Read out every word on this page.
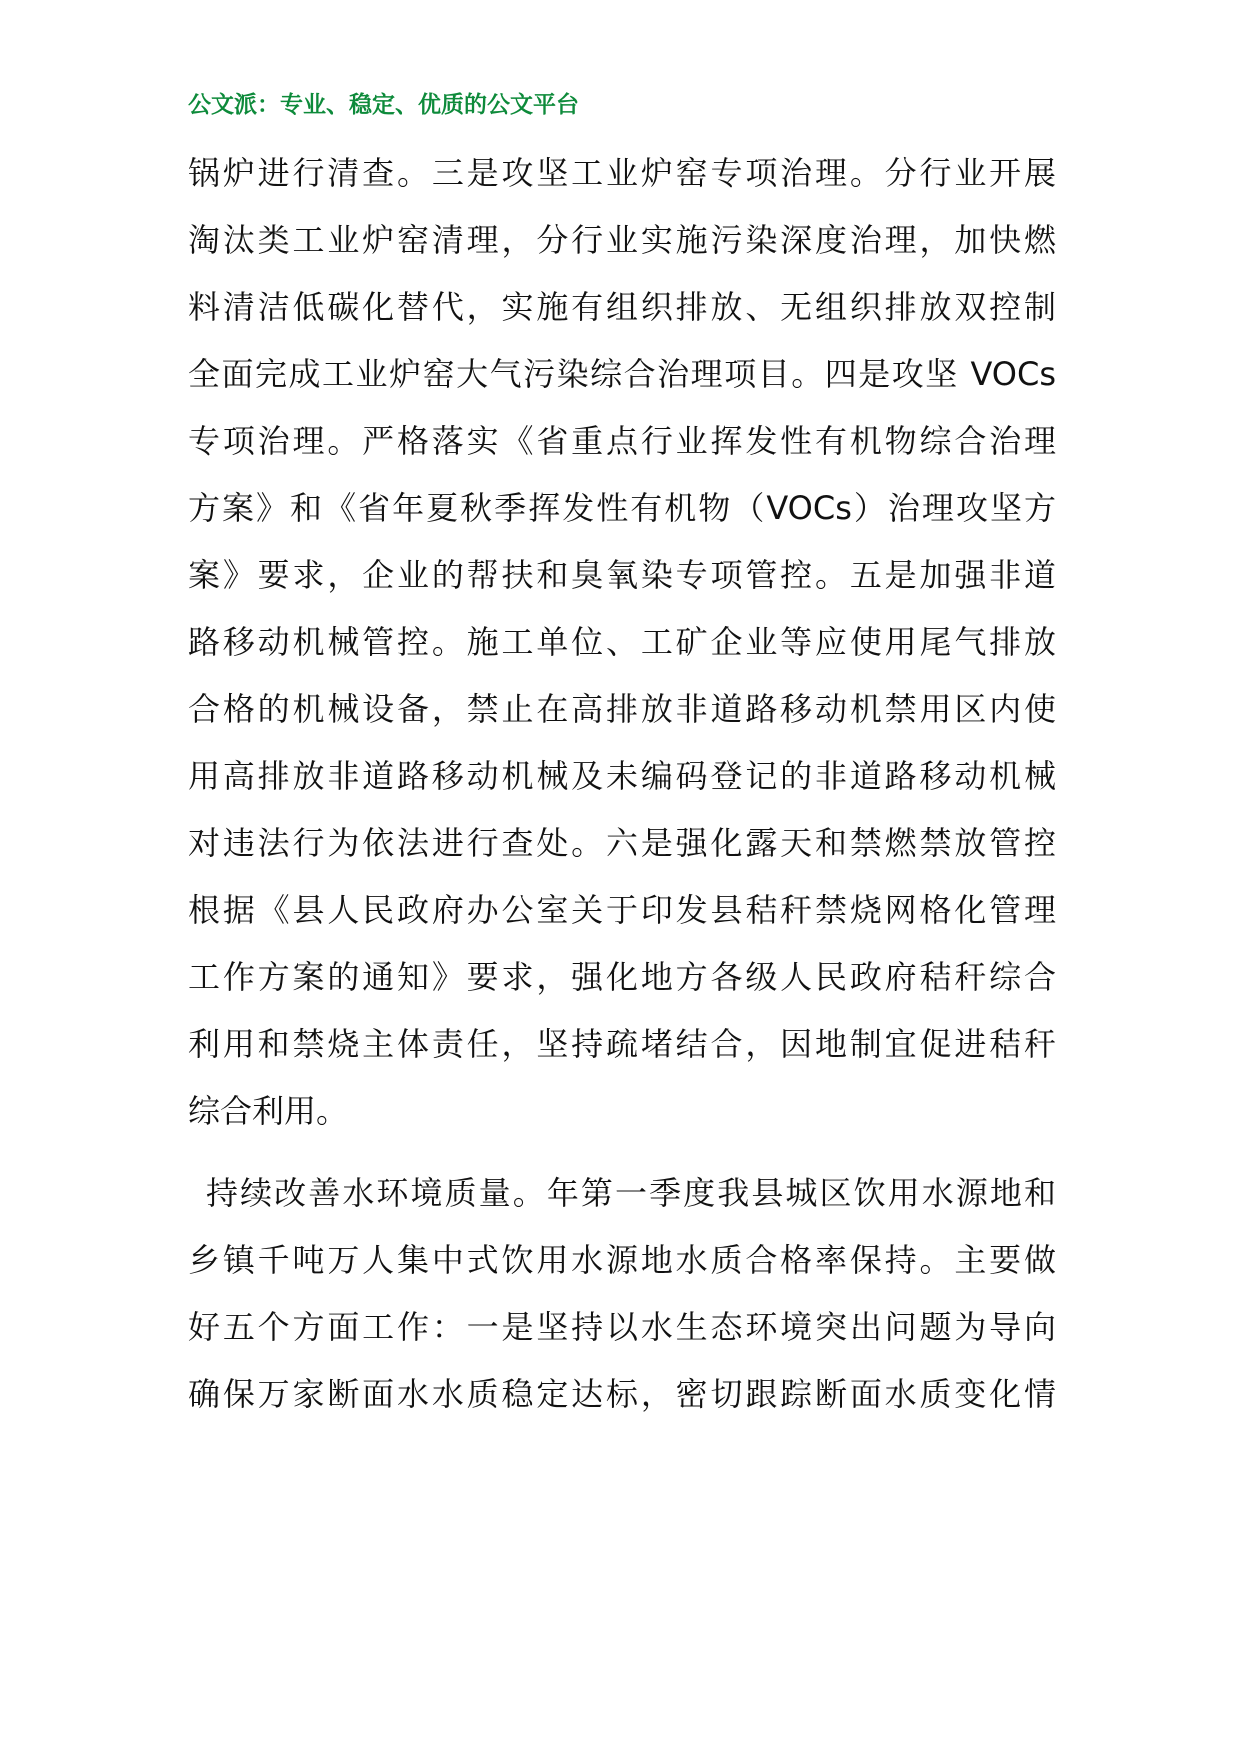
公文派：专业、稳定、优质的公文平台
锅炉进行清查。三是攻坚工业炉窑专项治理。分行业开展
淘汰类工业炉窑清理，分行业实施污染深度治理，加快燃
料清洁低碳化替代，实施有组织排放、无组织排放双控制
全面完成工业炉窑大气污染综合治理项目。四是攻坚 VOCs
专项治理。严格落实《省重点行业挥发性有机物综合治理
方案》和《省年夏秋季挥发性有机物（VOCs）治理攻坚方
案》要求，企业的帮扶和臭氧染专项管控。五是加强非道
路移动机械管控。施工单位、工矿企业等应使用尾气排放
合格的机械设备，禁止在高排放非道路移动机禁用区内使
用高排放非道路移动机械及未编码登记的非道路移动机械
对违法行为依法进行查处。六是强化露天和禁燃禁放管控
根据《县人民政府办公室关于印发县秸秆禁烧网格化管理
工作方案的通知》要求，强化地方各级人民政府秸秆综合
利用和禁烧主体责任，坚持疏堵结合，因地制宜促进秸秆
综合利用。
持续改善水环境质量。年第一季度我县城区饮用水源地和
乡镇千吨万人集中式饮用水源地水质合格率保持。主要做
好五个方面工作：一是坚持以水生态环境突出问题为导向
确保万家断面水水质稳定达标，密切跟踪断面水质变化情
